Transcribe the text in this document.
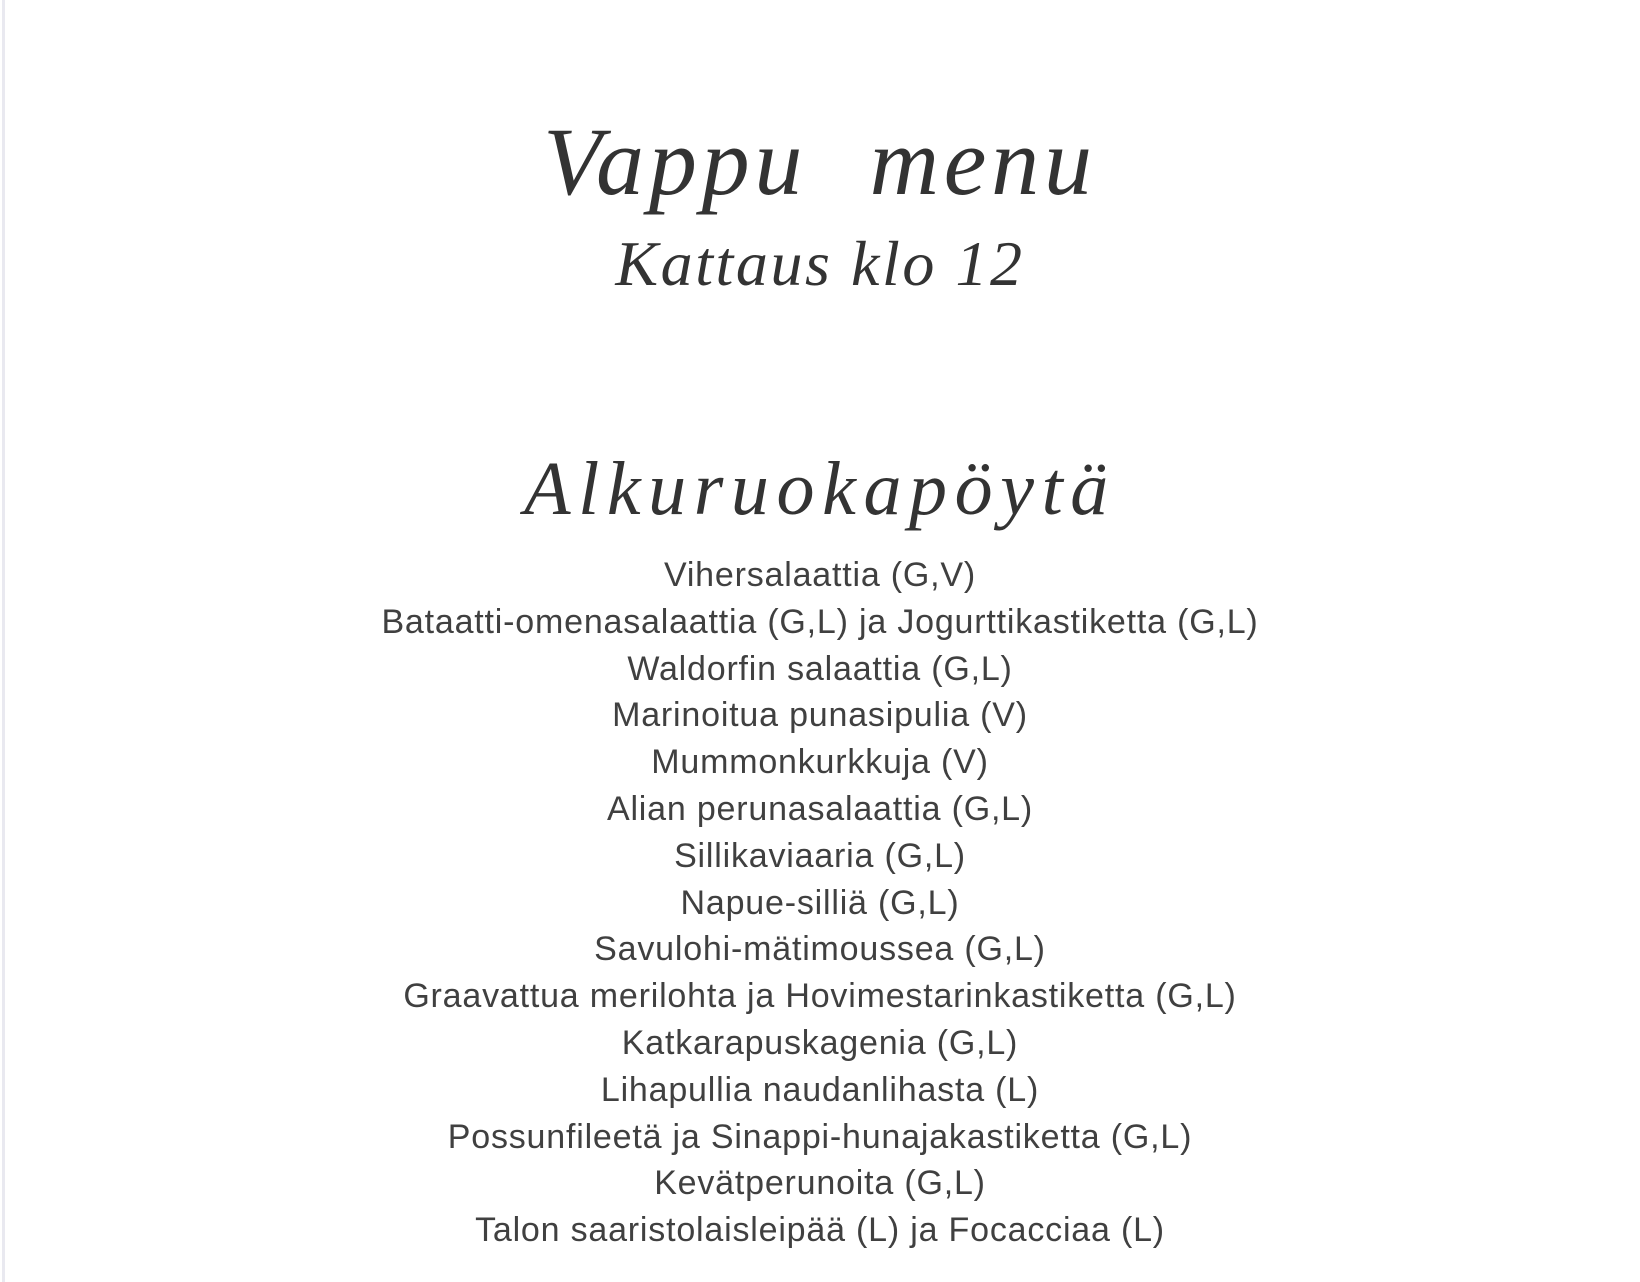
Vappu menu
Kattaus klo 12
Alkuruokapöytä
Vihersalaattia (G,V)
Bataatti-omenasalaattia (G,L) ja Jogurttikastiketta (G,L)
Waldorfin salaattia (G,L)
Marinoitua punasipulia (V)
Mummonkurkkuja (V)
Alian perunasalaattia (G,L)
Sillikaviaaria (G,L)
Napue-silliä (G,L)
Savulohi-mätimoussea (G,L)
Graavattua merilohta ja Hovimestarinkastiketta (G,L)
Katkarapuskagenia (G,L)
Lihapullia naudanlihasta (L)
Possunfileetä ja Sinappi-hunajakastiketta (G,L)
Kevätperunoita (G,L)
Talon saaristolaisleipää (L) ja Focacciaa (L)
